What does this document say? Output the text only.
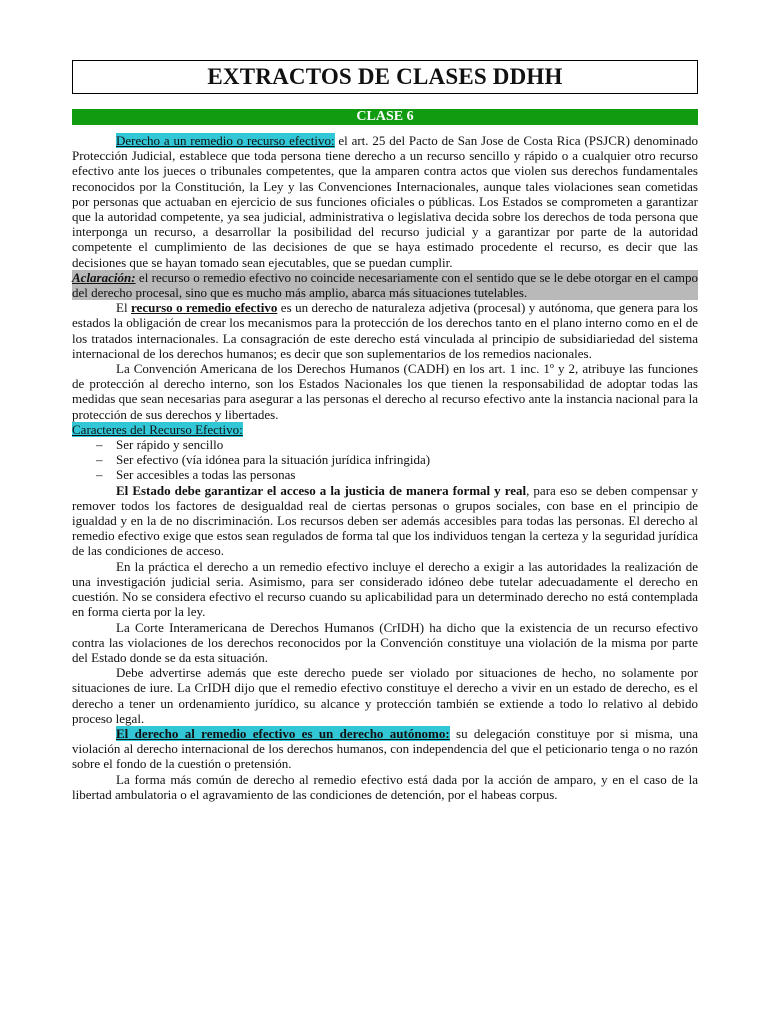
EXTRACTOS DE CLASES DDHH
CLASE 6

Derecho a un remedio o recurso efectivo: el art. 25 del Pacto de San Jose de Costa Rica (PSJCR) denominado Protección Judicial, establece que toda persona tiene derecho a un recurso sencillo y rápido o a cualquier otro recurso efectivo ante los jueces o tribunales competentes, que la amparen contra actos que violen sus derechos fundamentales reconocidos por la Constitución, la Ley y las Convenciones Internacionales, aunque tales violaciones sean cometidas por personas que actuaban en ejercicio de sus funciones oficiales o públicas. Los Estados se comprometen a garantizar que la autoridad competente, ya sea judicial, administrativa o legislativa decida sobre los derechos de toda persona que interponga un recurso, a desarrollar la posibilidad del recurso judicial y a garantizar por parte de la autoridad competente el cumplimiento de las decisiones de que se haya estimado procedente el recurso, es decir que las decisiones que se hayan tomado sean ejecutables, que se puedan cumplir.

Aclaración: el recurso o remedio efectivo no coincide necesariamente con el sentido que se le debe otorgar en el campo del derecho procesal, sino que es mucho más amplio, abarca más situaciones tutelables.

El recurso o remedio efectivo es un derecho de naturaleza adjetiva (procesal) y autónoma, que genera para los estados la obligación de crear los mecanismos para la protección de los derechos tanto en el plano interno como en el de los tratados internacionales. La consagración de este derecho está vinculada al principio de subsidiariedad del sistema internacional de los derechos humanos; es decir que son suplementarios de los remedios nacionales.

La Convención Americana de los Derechos Humanos (CADH) en los art. 1 inc. 1º y 2, atribuye las funciones de protección al derecho interno, son los Estados Nacionales los que tienen la responsabilidad de adoptar todas las medidas que sean necesarias para asegurar a las personas el derecho al recurso efectivo ante la instancia nacional para la protección de sus derechos y libertades.

Caracteres del Recurso Efectivo:

– Ser rápido y sencillo
– Ser efectivo (vía idónea para la situación jurídica infringida)
– Ser accesibles a todas las personas

El Estado debe garantizar el acceso a la justicia de manera formal y real, para eso se deben compensar y remover todos los factores de desigualdad real de ciertas personas o grupos sociales, con base en el principio de igualdad y en la de no discriminación. Los recursos deben ser además accesibles para todas las personas. El derecho al remedio efectivo exige que estos sean regulados de forma tal que los individuos tengan la certeza y la seguridad jurídica de las condiciones de acceso.

En la práctica el derecho a un remedio efectivo incluye el derecho a exigir a las autoridades la realización de una investigación judicial seria. Asimismo, para ser considerado idóneo debe tutelar adecuadamente el derecho en cuestión. No se considera efectivo el recurso cuando su aplicabilidad para un determinado derecho no está contemplada en forma cierta por la ley.

La Corte Interamericana de Derechos Humanos (CrIDH) ha dicho que la existencia de un recurso efectivo contra las violaciones de los derechos reconocidos por la Convención constituye una violación de la misma por parte del Estado donde se da esta situación.

Debe advertirse además que este derecho puede ser violado por situaciones de hecho, no solamente por situaciones de iure. La CrIDH dijo que el remedio efectivo constituye el derecho a vivir en un estado de derecho, es el derecho a tener un ordenamiento jurídico, su alcance y protección también se extiende a todo lo relativo al debido proceso legal.

El derecho al remedio efectivo es un derecho autónomo: su delegación constituye por si misma, una violación al derecho internacional de los derechos humanos, con independencia del que el peticionario tenga o no razón sobre el fondo de la cuestión o pretensión.

La forma más común de derecho al remedio efectivo está dada por la acción de amparo, y en el caso de la libertad ambulatoria o el agravamiento de las condiciones de detención, por el habeas corpus.
